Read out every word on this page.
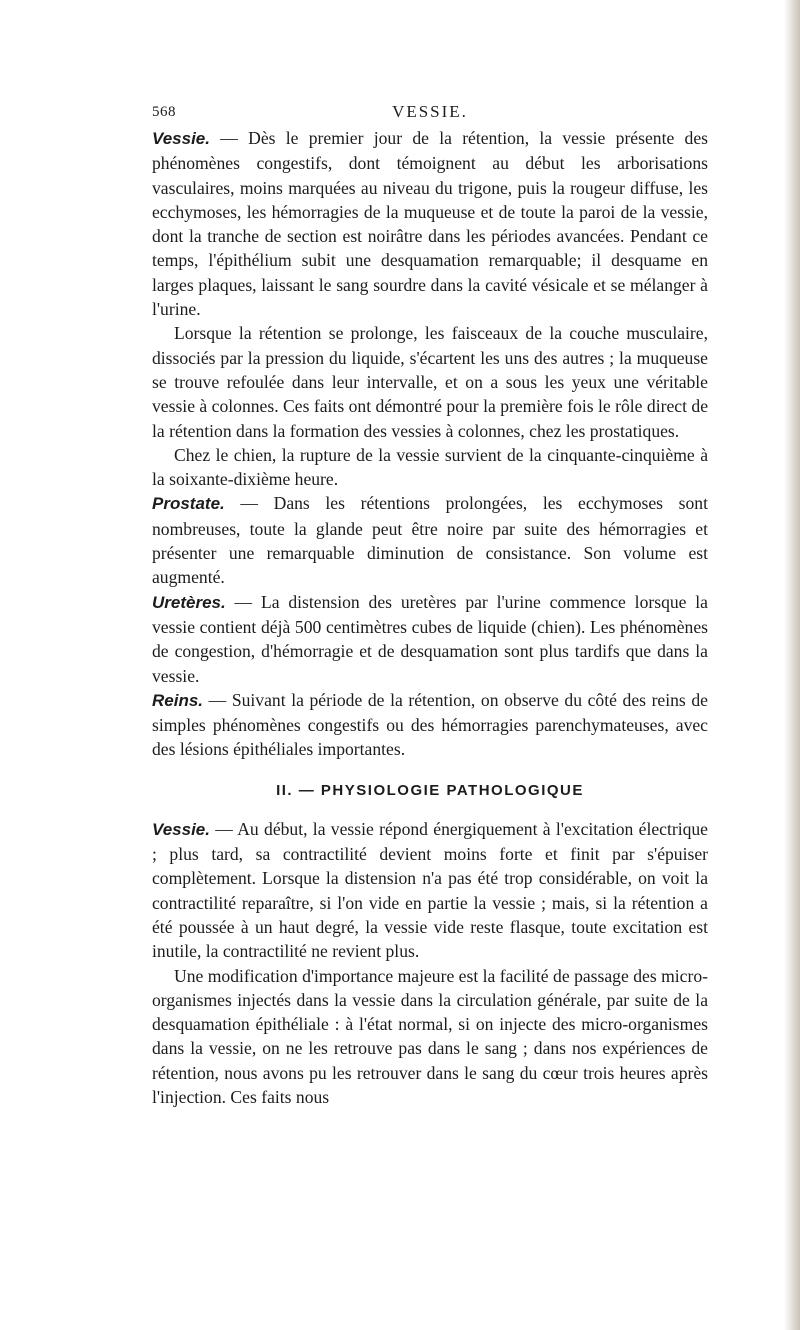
568	VESSIE.

Vessie. — Dès le premier jour de la rétention, la vessie présente des phénomènes congestifs, dont témoignent au début les arborisations vasculaires, moins marquées au niveau du trigone, puis la rougeur diffuse, les ecchymoses, les hémorragies de la muqueuse et de toute la paroi de la vessie, dont la tranche de section est noirâtre dans les périodes avancées. Pendant ce temps, l'épithélium subit une desquamation remarquable; il desquame en larges plaques, laissant le sang sourdre dans la cavité vésicale et se mélanger à l'urine.

Lorsque la rétention se prolonge, les faisceaux de la couche musculaire, dissociés par la pression du liquide, s'écartent les uns des autres ; la muqueuse se trouve refoulée dans leur intervalle, et on a sous les yeux une véritable vessie à colonnes. Ces faits ont démontré pour la première fois le rôle direct de la rétention dans la formation des vessies à colonnes, chez les prostatiques.

Chez le chien, la rupture de la vessie survient de la cinquante-cinquième à la soixante-dixième heure.

Prostate. — Dans les rétentions prolongées, les ecchymoses sont nombreuses, toute la glande peut être noire par suite des hémorragies et présenter une remarquable diminution de consistance. Son volume est augmenté.

Uretères. — La distension des uretères par l'urine commence lorsque la vessie contient déjà 500 centimètres cubes de liquide (chien). Les phénomènes de congestion, d'hémorragie et de desquamation sont plus tardifs que dans la vessie.

Reins. — Suivant la période de la rétention, on observe du côté des reins de simples phénomènes congestifs ou des hémorragies parenchymateuses, avec des lésions épithéliales importantes.

II. — PHYSIOLOGIE PATHOLOGIQUE

Vessie. — Au début, la vessie répond énergiquement à l'excitation électrique ; plus tard, sa contractilité devient moins forte et finit par s'épuiser complètement. Lorsque la distension n'a pas été trop considérable, on voit la contractilité reparaître, si l'on vide en partie la vessie ; mais, si la rétention a été poussée à un haut degré, la vessie vide reste flasque, toute excitation est inutile, la contractilité ne revient plus.

Une modification d'importance majeure est la facilité de passage des micro-organismes injectés dans la vessie dans la circulation générale, par suite de la desquamation épithéliale : à l'état normal, si on injecte des micro-organismes dans la vessie, on ne les retrouve pas dans le sang ; dans nos expériences de rétention, nous avons pu les retrouver dans le sang du cœur trois heures après l'injection. Ces faits nous
